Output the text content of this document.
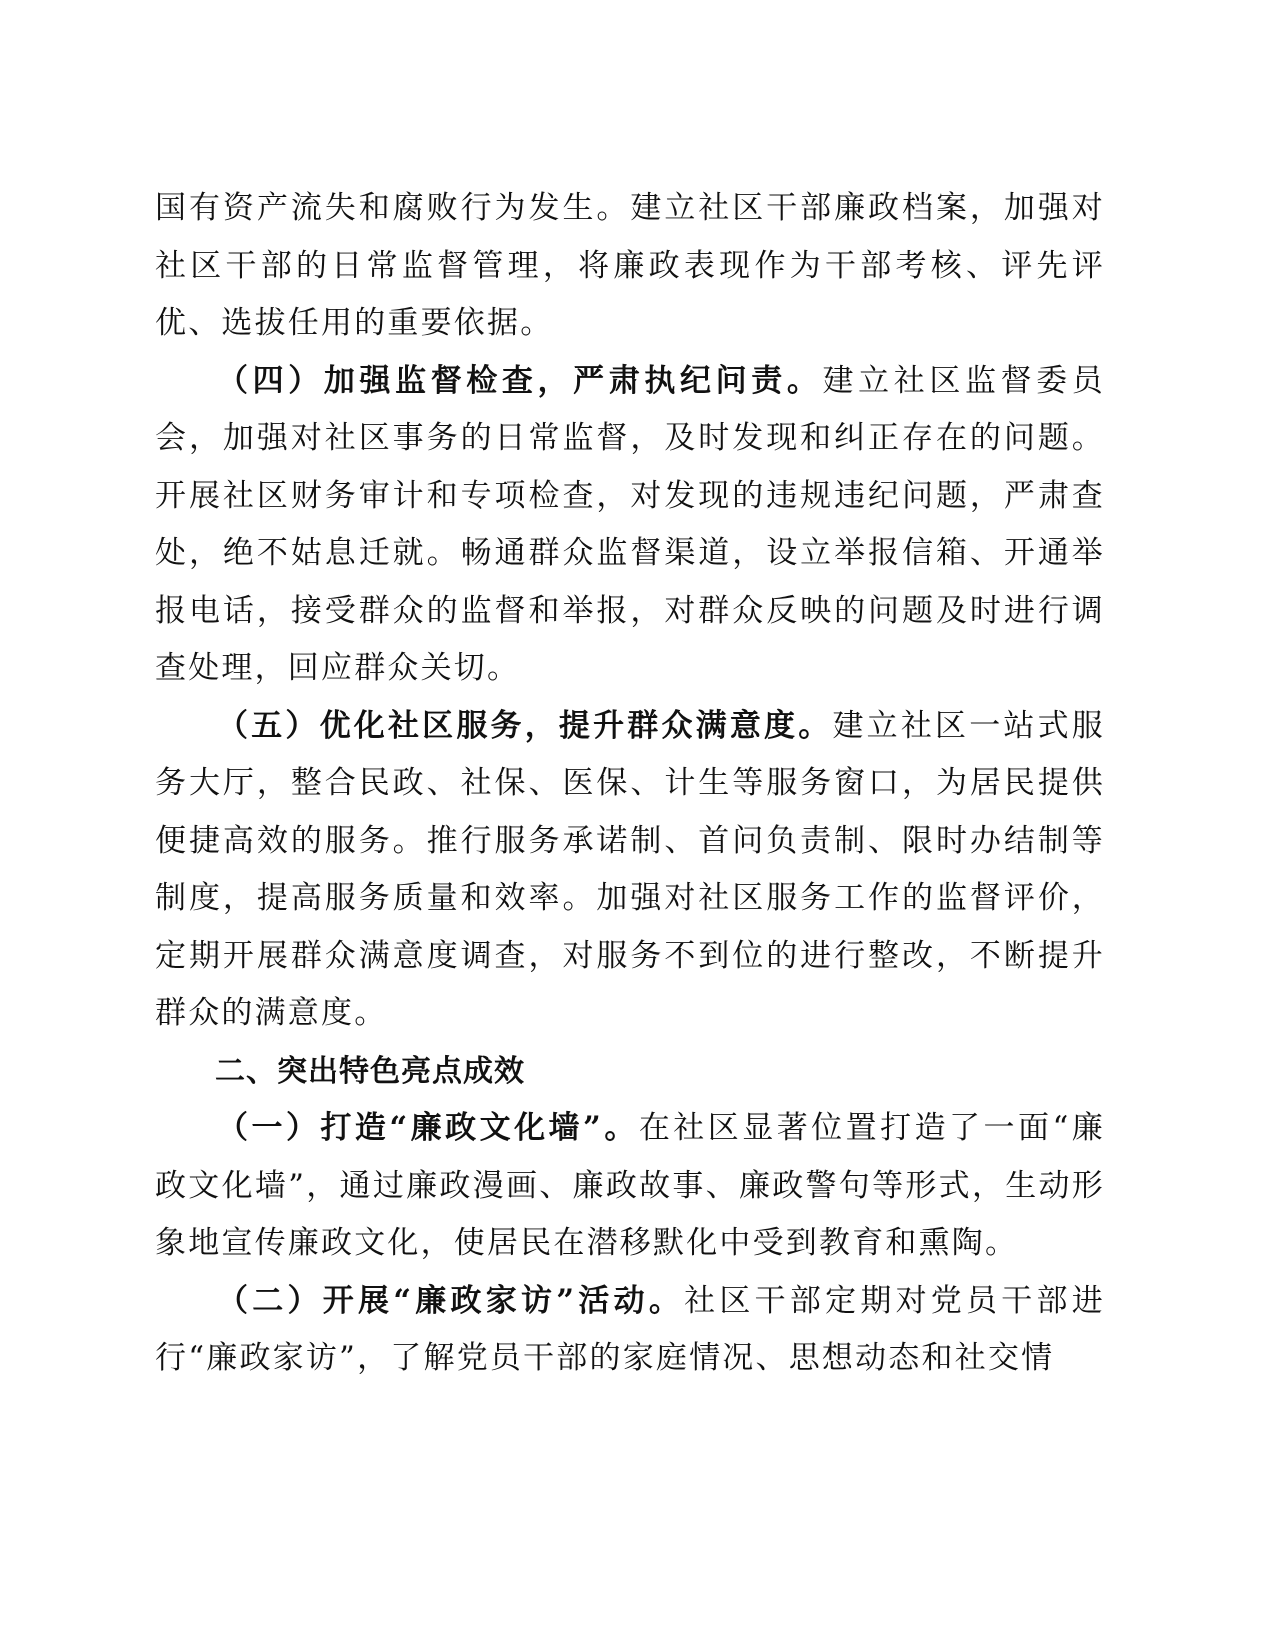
国有资产流失和腐败行为发生。建立社区干部廉政档案，加强对社区干部的日常监督管理，将廉政表现作为干部考核、评先评优、选拔任用的重要依据。

（四）加强监督检查，严肃执纪问责。建立社区监督委员会，加强对社区事务的日常监督，及时发现和纠正存在的问题。开展社区财务审计和专项检查，对发现的违规违纪问题，严肃查处，绝不姑息迁就。畅通群众监督渠道，设立举报信箱、开通举报电话，接受群众的监督和举报，对群众反映的问题及时进行调查处理，回应群众关切。

（五）优化社区服务，提升群众满意度。建立社区一站式服务大厅，整合民政、社保、医保、计生等服务窗口，为居民提供便捷高效的服务。推行服务承诺制、首问负责制、限时办结制等制度，提高服务质量和效率。加强对社区服务工作的监督评价，定期开展群众满意度调查，对服务不到位的进行整改，不断提升群众的满意度。

二、突出特色亮点成效

（一）打造“廉政文化墙”。在社区显著位置打造了一面“廉政文化墙”，通过廉政漫画、廉政故事、廉政警句等形式，生动形象地宣传廉政文化，使居民在潜移默化中受到教育和熏陶。

（二）开展“廉政家访”活动。社区干部定期对党员干部进行“廉政家访”，了解党员干部的家庭情况、思想动态和社交情
